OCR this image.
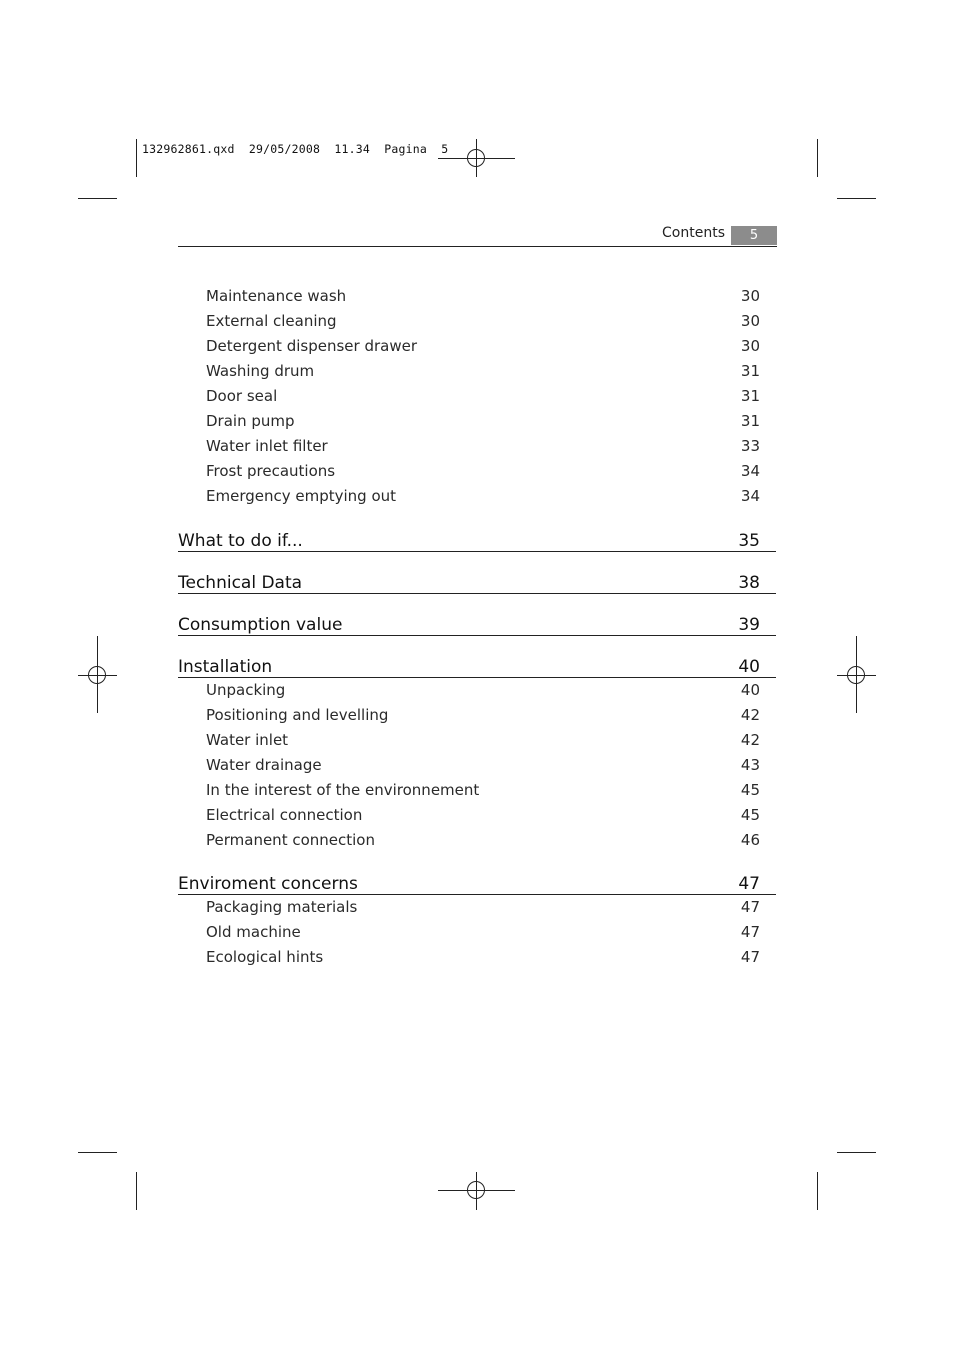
132962861.qxd  29/05/2008  11.34  Pagina  5
Contents	5
Maintenance wash	30
External cleaning	30
Detergent dispenser drawer	30
Washing drum	31
Door seal	31
Drain pump	31
Water inlet filter	33
Frost precautions	34
Emergency emptying out	34
What to do if...	35
Technical Data	38
Consumption value	39
Installation	40
Unpacking	40
Positioning and levelling	42
Water inlet	42
Water drainage	43
In the interest of the environnement	45
Electrical connection	45
Permanent connection	46
Enviroment concerns	47
Packaging materials	47
Old machine	47
Ecological hints	47
